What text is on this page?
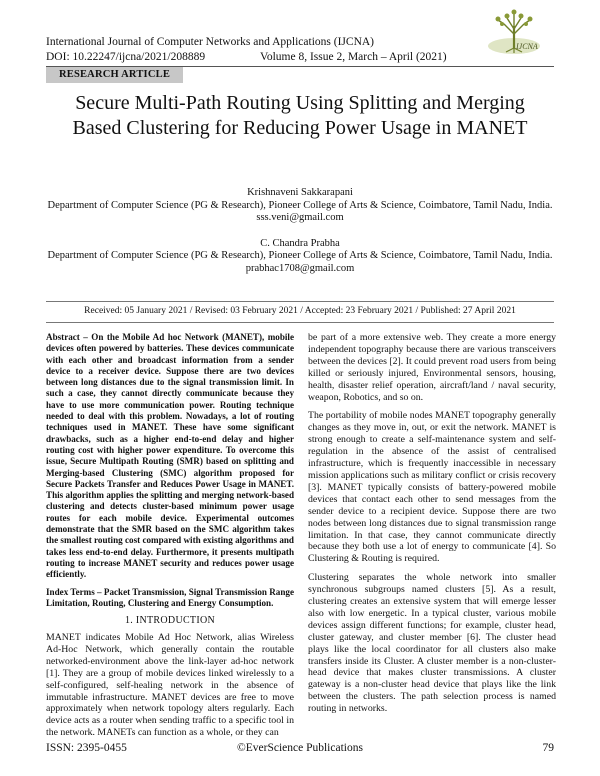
International Journal of Computer Networks and Applications (IJCNA)
DOI: 10.22247/ijcna/2021/208889	Volume 8, Issue 2, March – April (2021)
IJCNA
RESEARCH ARTICLE
Secure Multi-Path Routing Using Splitting and Merging Based Clustering for Reducing Power Usage in MANET
Krishnaveni Sakkarapani
Department of Computer Science (PG & Research), Pioneer College of Arts & Science, Coimbatore, Tamil Nadu, India.
sss.veni@gmail.com
C. Chandra Prabha
Department of Computer Science (PG & Research), Pioneer College of Arts & Science, Coimbatore, Tamil Nadu, India.
prabhac1708@gmail.com
Received: 05 January 2021 / Revised: 03 February 2021 / Accepted: 23 February 2021 / Published: 27 April 2021

Abstract – On the Mobile Ad hoc Network (MANET), mobile devices often powered by batteries. These devices communicate with each other and broadcast information from a sender device to a receiver device. Suppose there are two devices between long distances due to the signal transmission limit. In such a case, they cannot directly communicate because they have to use more communication power. Routing technique needed to deal with this problem. Nowadays, a lot of routing techniques used in MANET. These have some significant drawbacks, such as a higher end-to-end delay and higher routing cost with higher power expenditure. To overcome this issue, Secure Multipath Routing (SMR) based on splitting and Merging-based Clustering (SMC) algorithm proposed for Secure Packets Transfer and Reduces Power Usage in MANET. This algorithm applies the splitting and merging network-based clustering and detects cluster-based minimum power usage routes for each mobile device. Experimental outcomes demonstrate that the SMR based on the SMC algorithm takes the smallest routing cost compared with existing algorithms and takes less end-to-end delay. Furthermore, it presents multipath routing to increase MANET security and reduces power usage efficiently.

Index Terms – Packet Transmission, Signal Transmission Range Limitation, Routing, Clustering and Energy Consumption.

1. INTRODUCTION

MANET indicates Mobile Ad Hoc Network, alias Wireless Ad-Hoc Network, which generally contain the routable networked-environment above the link-layer ad-hoc network [1]. They are a group of mobile devices linked wirelessly to a self-configured, self-healing network in the absence of immutable infrastructure. MANET devices are free to move approximately when network topology alters regularly. Each device acts as a router when sending traffic to a specific tool in the network. MANETs can function as a whole, or they can

be part of a more extensive web. They create a more energy independent topography because there are various transceivers between the devices [2]. It could prevent road users from being killed or seriously injured, Environmental sensors, housing, health, disaster relief operation, aircraft/land / naval security, weapon, Robotics, and so on.

The portability of mobile nodes MANET topography generally changes as they move in, out, or exit the network. MANET is strong enough to create a self-maintenance system and self-regulation in the absence of the assist of centralised infrastructure, which is frequently inaccessible in necessary mission applications such as military conflict or crisis recovery [3]. MANET typically consists of battery-powered mobile devices that contact each other to send messages from the sender device to a recipient device. Suppose there are two nodes between long distances due to signal transmission range limitation. In that case, they cannot communicate directly because they both use a lot of energy to communicate [4]. So Clustering & Routing is required.

Clustering separates the whole network into smaller synchronous subgroups named clusters [5]. As a result, clustering creates an extensive system that will emerge lesser also with low energetic. In a typical cluster, various mobile devices assign different functions; for example, cluster head, cluster gateway, and cluster member [6]. The cluster head plays like the local coordinator for all clusters also make transfers inside its Cluster. A cluster member is a non-cluster-head device that makes cluster transmissions. A cluster gateway is a non-cluster head device that plays like the link between the clusters. The path selection process is named routing in networks.

ISSN: 2395-0455	©EverScience Publications	79
